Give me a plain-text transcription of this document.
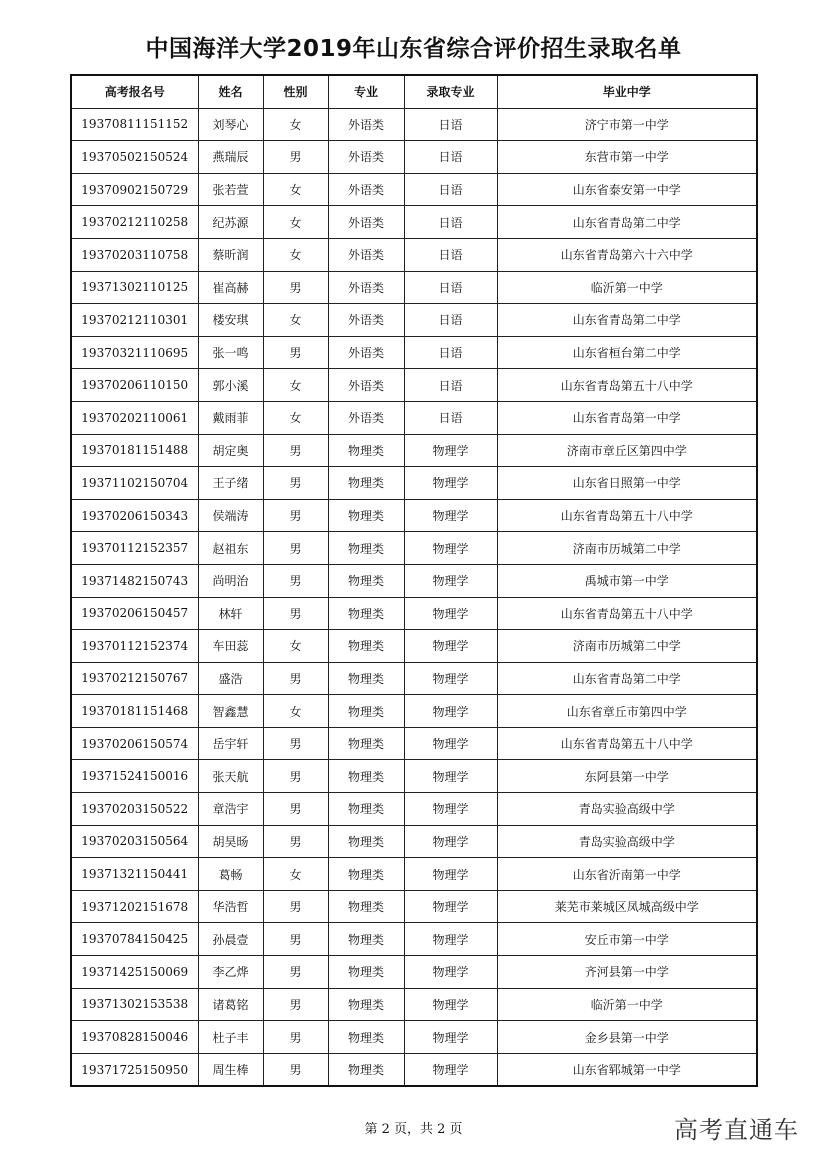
中国海洋大学2019年山东省综合评价招生录取名单
高考报名号	姓名	性别	专业	录取专业	毕业中学
19370811151152	刘琴心	女	外语类	日语	济宁市第一中学
19370502150524	燕瑞辰	男	外语类	日语	东营市第一中学
19370902150729	张若萱	女	外语类	日语	山东省泰安第一中学
19370212110258	纪苏源	女	外语类	日语	山东省青岛第二中学
19370203110758	蔡昕润	女	外语类	日语	山东省青岛第六十六中学
19371302110125	崔高赫	男	外语类	日语	临沂第一中学
19370212110301	楼安琪	女	外语类	日语	山东省青岛第二中学
19370321110695	张一鸣	男	外语类	日语	山东省桓台第二中学
19370206110150	郭小溪	女	外语类	日语	山东省青岛第五十八中学
19370202110061	戴雨菲	女	外语类	日语	山东省青岛第一中学
19370181151488	胡定奥	男	物理类	物理学	济南市章丘区第四中学
19371102150704	王子绪	男	物理类	物理学	山东省日照第一中学
19370206150343	侯端涛	男	物理类	物理学	山东省青岛第五十八中学
19370112152357	赵祖东	男	物理类	物理学	济南市历城第二中学
19371482150743	尚明治	男	物理类	物理学	禹城市第一中学
19370206150457	林轩	男	物理类	物理学	山东省青岛第五十八中学
19370112152374	车田蕊	女	物理类	物理学	济南市历城第二中学
19370212150767	盛浩	男	物理类	物理学	山东省青岛第二中学
19370181151468	智鑫慧	女	物理类	物理学	山东省章丘市第四中学
19370206150574	岳宇轩	男	物理类	物理学	山东省青岛第五十八中学
19371524150016	张天航	男	物理类	物理学	东阿县第一中学
19370203150522	章浩宇	男	物理类	物理学	青岛实验高级中学
19370203150564	胡昊旸	男	物理类	物理学	青岛实验高级中学
19371321150441	葛畅	女	物理类	物理学	山东省沂南第一中学
19371202151678	华浩哲	男	物理类	物理学	莱芜市莱城区凤城高级中学
19370784150425	孙晨壹	男	物理类	物理学	安丘市第一中学
19371425150069	李乙烨	男	物理类	物理学	齐河县第一中学
19371302153538	诸葛铭	男	物理类	物理学	临沂第一中学
19370828150046	杜子丰	男	物理类	物理学	金乡县第一中学
19371725150950	周生棒	男	物理类	物理学	山东省郓城第一中学
第 2 页，共 2 页	高考直通车
